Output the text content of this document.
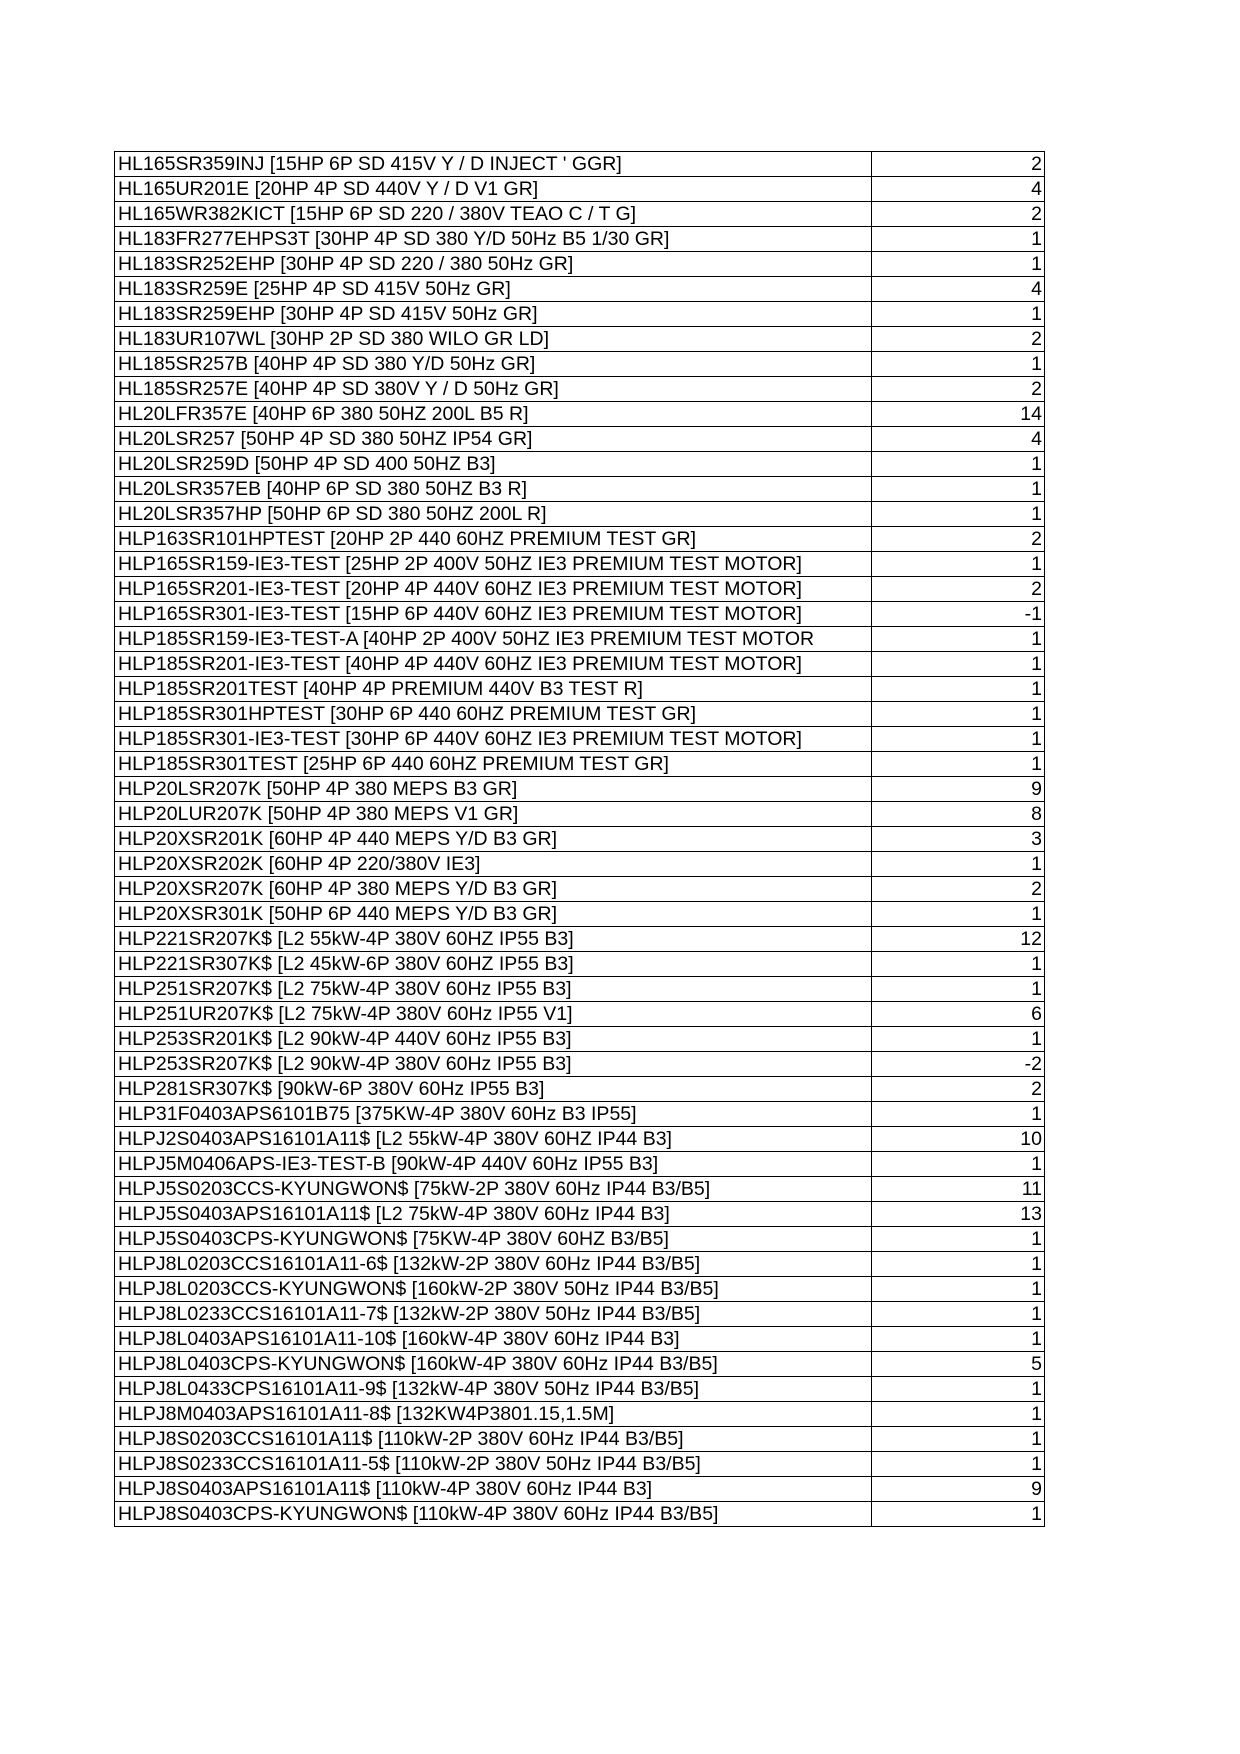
HL165SR359INJ [15HP 6P SD 415V Y / D INJECT ' GGR]	2
HL165UR201E [20HP 4P SD 440V Y / D V1 GR]	4
HL165WR382KICT [15HP 6P SD 220 / 380V TEAO C / T G]	2
HL183FR277EHPS3T [30HP 4P SD 380 Y/D 50Hz B5 1/30 GR]	1
HL183SR252EHP [30HP 4P SD 220 / 380 50Hz GR]	1
HL183SR259E [25HP 4P SD 415V 50Hz GR]	4
HL183SR259EHP [30HP 4P SD 415V 50Hz GR]	1
HL183UR107WL [30HP 2P SD 380 WILO GR LD]	2
HL185SR257B [40HP 4P SD 380 Y/D 50Hz GR]	1
HL185SR257E [40HP 4P SD 380V Y / D 50Hz GR]	2
HL20LFR357E [40HP 6P 380 50HZ 200L B5 R]	14
HL20LSR257 [50HP 4P SD 380 50HZ IP54 GR]	4
HL20LSR259D [50HP 4P SD 400 50HZ B3]	1
HL20LSR357EB [40HP 6P SD 380 50HZ B3 R]	1
HL20LSR357HP [50HP 6P SD 380 50HZ 200L R]	1
HLP163SR101HPTEST [20HP 2P 440 60HZ PREMIUM TEST GR]	2
HLP165SR159-IE3-TEST [25HP 2P 400V 50HZ IE3 PREMIUM TEST MOTOR]	1
HLP165SR201-IE3-TEST [20HP 4P 440V 60HZ IE3 PREMIUM TEST MOTOR]	2
HLP165SR301-IE3-TEST [15HP 6P 440V 60HZ IE3 PREMIUM TEST MOTOR]	-1
HLP185SR159-IE3-TEST-A [40HP 2P 400V 50HZ IE3 PREMIUM TEST MOTOR	1
HLP185SR201-IE3-TEST [40HP 4P 440V 60HZ IE3 PREMIUM TEST MOTOR]	1
HLP185SR201TEST [40HP 4P PREMIUM 440V B3 TEST R]	1
HLP185SR301HPTEST [30HP 6P 440 60HZ PREMIUM TEST GR]	1
HLP185SR301-IE3-TEST [30HP 6P 440V 60HZ IE3 PREMIUM TEST MOTOR]	1
HLP185SR301TEST [25HP 6P 440 60HZ PREMIUM TEST GR]	1
HLP20LSR207K [50HP 4P 380 MEPS B3 GR]	9
HLP20LUR207K [50HP 4P 380 MEPS V1 GR]	8
HLP20XSR201K [60HP 4P 440 MEPS Y/D B3 GR]	3
HLP20XSR202K [60HP 4P 220/380V IE3]	1
HLP20XSR207K [60HP 4P 380 MEPS Y/D B3 GR]	2
HLP20XSR301K [50HP 6P 440 MEPS Y/D B3 GR]	1
HLP221SR207K$ [L2 55kW-4P 380V 60HZ IP55 B3]	12
HLP221SR307K$ [L2 45kW-6P 380V 60HZ IP55 B3]	1
HLP251SR207K$ [L2 75kW-4P 380V 60Hz IP55 B3]	1
HLP251UR207K$ [L2 75kW-4P 380V 60Hz IP55 V1]	6
HLP253SR201K$ [L2 90kW-4P 440V 60Hz IP55 B3]	1
HLP253SR207K$ [L2 90kW-4P 380V 60Hz IP55 B3]	-2
HLP281SR307K$ [90kW-6P 380V 60Hz IP55 B3]	2
HLP31F0403APS6101B75 [375KW-4P 380V 60Hz B3 IP55]	1
HLPJ2S0403APS16101A11$ [L2 55kW-4P 380V 60HZ IP44 B3]	10
HLPJ5M0406APS-IE3-TEST-B [90kW-4P 440V 60Hz IP55 B3]	1
HLPJ5S0203CCS-KYUNGWON$ [75kW-2P 380V 60Hz IP44 B3/B5]	11
HLPJ5S0403APS16101A11$ [L2 75kW-4P 380V 60Hz IP44 B3]	13
HLPJ5S0403CPS-KYUNGWON$ [75KW-4P 380V 60HZ B3/B5]	1
HLPJ8L0203CCS16101A11-6$ [132kW-2P 380V 60Hz IP44 B3/B5]	1
HLPJ8L0203CCS-KYUNGWON$ [160kW-2P 380V 50Hz IP44 B3/B5]	1
HLPJ8L0233CCS16101A11-7$ [132kW-2P 380V 50Hz IP44 B3/B5]	1
HLPJ8L0403APS16101A11-10$ [160kW-4P 380V 60Hz IP44 B3]	1
HLPJ8L0403CPS-KYUNGWON$ [160kW-4P 380V 60Hz IP44 B3/B5]	5
HLPJ8L0433CPS16101A11-9$ [132kW-4P 380V 50Hz IP44 B3/B5]	1
HLPJ8M0403APS16101A11-8$ [132KW4P3801.15,1.5M]	1
HLPJ8S0203CCS16101A11$ [110kW-2P 380V 60Hz IP44 B3/B5]	1
HLPJ8S0233CCS16101A11-5$ [110kW-2P 380V 50Hz IP44 B3/B5]	1
HLPJ8S0403APS16101A11$ [110kW-4P 380V 60Hz IP44 B3]	9
HLPJ8S0403CPS-KYUNGWON$ [110kW-4P 380V 60Hz IP44 B3/B5]	1
